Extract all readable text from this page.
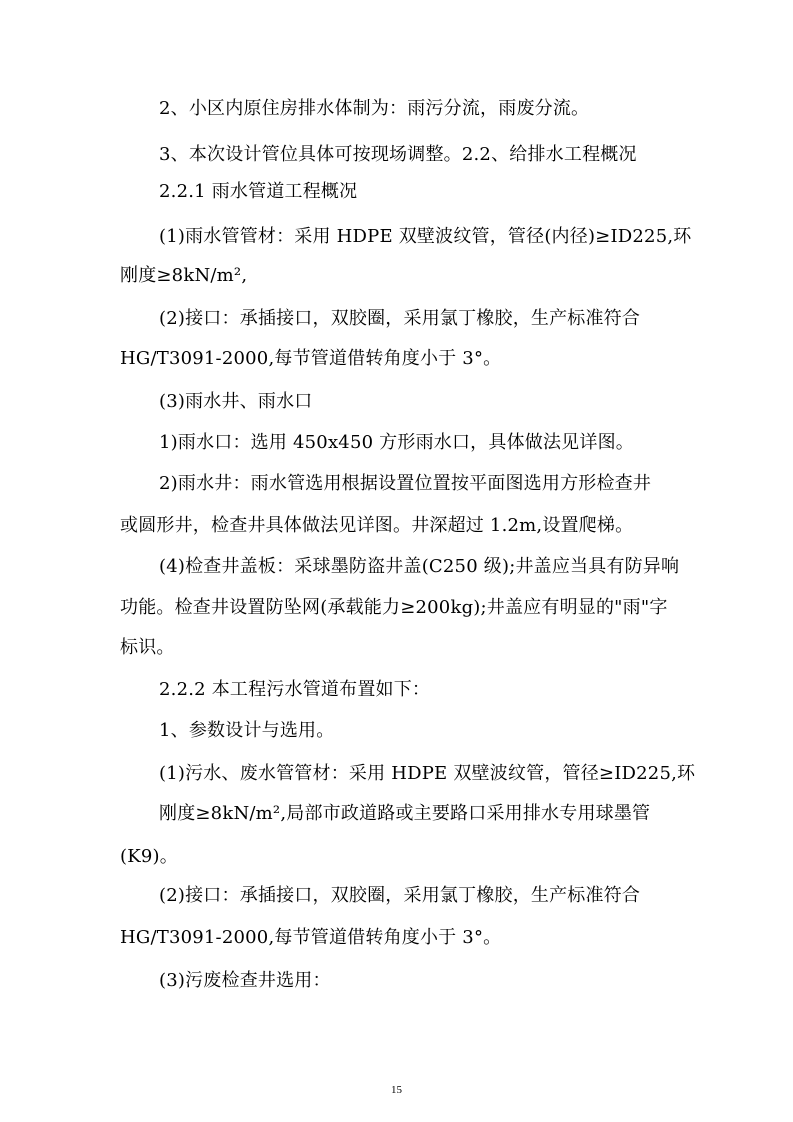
2、小区内原住房排水体制为：雨污分流，雨废分流。
3、本次设计管位具体可按现场调整。2.2、给排水工程概况
2.2.1 雨水管道工程概况
(1)雨水管管材：采用 HDPE 双壁波纹管，管径(内径)≥ID225,环
刚度≥8kN/m²,
(2)接口：承插接口，双胶圈，采用氯丁橡胶，生产标准符合
HG/T3091-2000,每节管道借转角度小于 3°。
(3)雨水井、雨水口
1)雨水口：选用 450x450 方形雨水口，具体做法见详图。
2)雨水井：雨水管选用根据设置位置按平面图选用方形检查井
或圆形井，检查井具体做法见详图。井深超过 1.2m,设置爬梯。
(4)检查井盖板：采球墨防盗井盖(C250 级);井盖应当具有防异响
功能。检查井设置防坠网(承载能力≥200kg);井盖应有明显的"雨"字
标识。
2.2.2 本工程污水管道布置如下：
1、参数设计与选用。
(1)污水、废水管管材：采用 HDPE 双壁波纹管，管径≥ID225,环
刚度≥8kN/m²,局部市政道路或主要路口采用排水专用球墨管
(K9)。
(2)接口：承插接口，双胶圈，采用氯丁橡胶，生产标准符合
HG/T3091-2000,每节管道借转角度小于 3°。
(3)污废检查井选用：
15
